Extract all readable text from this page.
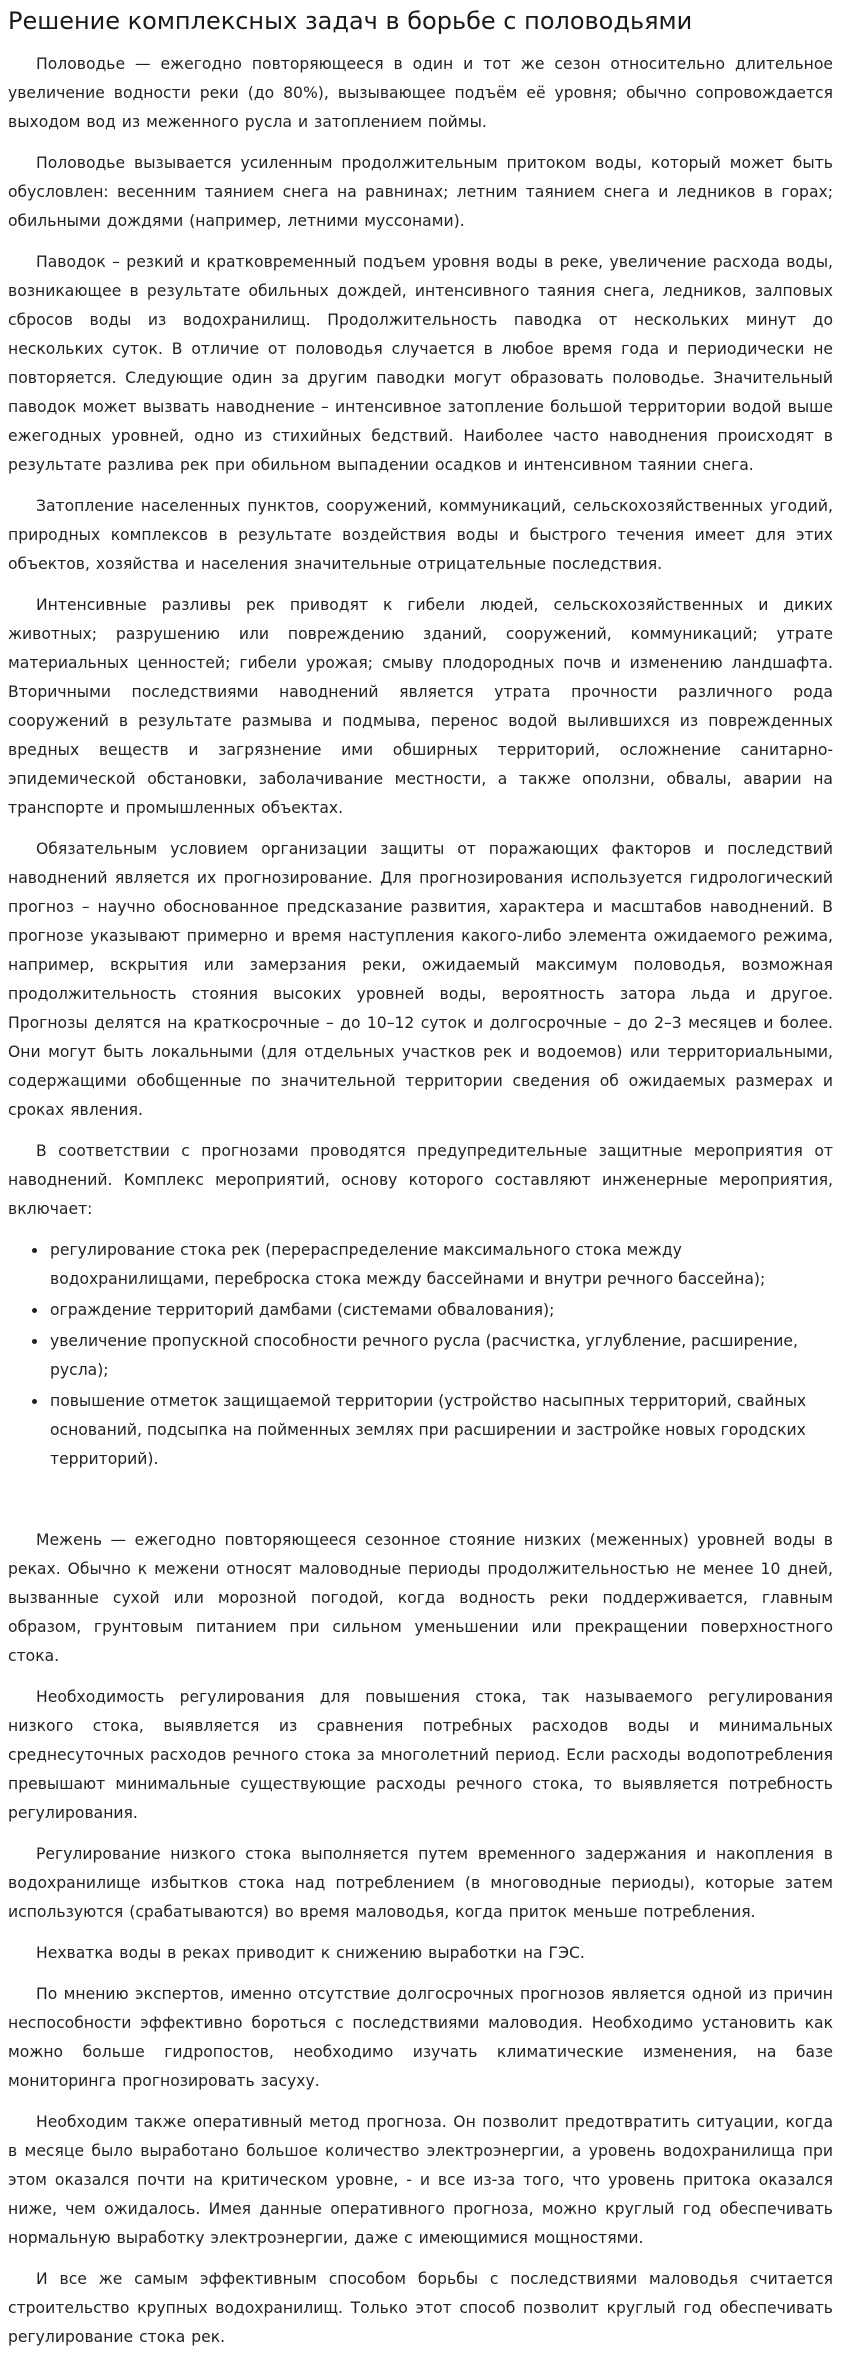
Решение комплексных задач в борьбе с половодьями

Половодье — ежегодно повторяющееся в один и тот же сезон относительно длительное увеличение водности реки (до 80%), вызывающее подъём её уровня; обычно сопровождается выходом вод из меженного русла и затоплением поймы.

Половодье вызывается усиленным продолжительным притоком воды, который может быть обусловлен: весенним таянием снега на равнинах; летним таянием снега и ледников в горах; обильными дождями (например, летними муссонами).

Паводок – резкий и кратковременный подъем уровня воды в реке, увеличение расхода воды, возникающее в результате обильных дождей, интенсивного таяния снега, ледников, залповых сбросов воды из водохранилищ. Продолжительность паводка от нескольких минут до нескольких суток. В отличие от половодья случается в любое время года и периодически не повторяется. Следующие один за другим паводки могут образовать половодье. Значительный паводок может вызвать наводнение – интенсивное затопление большой территории водой выше ежегодных уровней, одно из стихийных бедствий. Наиболее часто наводнения происходят в результате разлива рек при обильном выпадении осадков и интенсивном таянии снега.

Затопление населенных пунктов, сооружений, коммуникаций, сельскохозяйственных угодий, природных комплексов в результате воздействия воды и быстрого течения имеет для этих объектов, хозяйства и населения значительные отрицательные последствия.

Интенсивные разливы рек приводят к гибели людей, сельскохозяйственных и диких животных; разрушению или повреждению зданий, сооружений, коммуникаций; утрате материальных ценностей; гибели урожая; смыву плодородных почв и изменению ландшафта. Вторичными последствиями наводнений является утрата прочности различного рода сооружений в результате размыва и подмыва, перенос водой вылившихся из поврежденных вредных веществ и загрязнение ими обширных территорий, осложнение санитарно-эпидемической обстановки, заболачивание местности, а также оползни, обвалы, аварии на транспорте и промышленных объектах.

Обязательным условием организации защиты от поражающих факторов и последствий наводнений является их прогнозирование. Для прогнозирования используется гидрологический прогноз – научно обоснованное предсказание развития, характера и масштабов наводнений. В прогнозе указывают примерно и время наступления какого-либо элемента ожидаемого режима, например, вскрытия или замерзания реки, ожидаемый максимум половодья, возможная продолжительность стояния высоких уровней воды, вероятность затора льда и другое. Прогнозы делятся на краткосрочные – до 10–12 суток и долгосрочные – до 2–3 месяцев и более. Они могут быть локальными (для отдельных участков рек и водоемов) или территориальными, содержащими обобщенные по значительной территории сведения об ожидаемых размерах и сроках явления.

В соответствии с прогнозами проводятся предупредительные защитные мероприятия от наводнений. Комплекс мероприятий, основу которого составляют инженерные мероприятия, включает:

• регулирование стока рек (перераспределение максимального стока между водохранилищами, переброска стока между бассейнами и внутри речного бассейна);
• ограждение территорий дамбами (системами обвалования);
• увеличение пропускной способности речного русла (расчистка, углубление, расширение, русла);
• повышение отметок защищаемой территории (устройство насыпных территорий, свайных оснований, подсыпка на пойменных землях при расширении и застройке новых городских территорий).

Межень — ежегодно повторяющееся сезонное стояние низких (меженных) уровней воды в реках. Обычно к межени относят маловодные периоды продолжительностью не менее 10 дней, вызванные сухой или морозной погодой, когда водность реки поддерживается, главным образом, грунтовым питанием при сильном уменьшении или прекращении поверхностного стока.

Необходимость регулирования для повышения стока, так называемого регулирования низкого стока, выявляется из сравнения потребных расходов воды и минимальных среднесуточных расходов речного стока за многолетний период. Если расходы водопотребления превышают минимальные существующие расходы речного стока, то выявляется потребность регулирования.

Регулирование низкого стока выполняется путем временного задержания и накопления в водохранилище избытков стока над потреблением (в многоводные периоды), которые затем используются (срабатываются) во время маловодья, когда приток меньше потребления.

Нехватка воды в реках приводит к снижению выработки на ГЭС.

По мнению экспертов, именно отсутствие долгосрочных прогнозов является одной из причин неспособности эффективно бороться с последствиями маловодия. Необходимо установить как можно больше гидропостов, необходимо изучать климатические изменения, на базе мониторинга прогнозировать засуху.

Необходим также оперативный метод прогноза. Он позволит предотвратить ситуации, когда в месяце было выработано большое количество электроэнергии, а уровень водохранилища при этом оказался почти на критическом уровне, - и все из-за того, что уровень притока оказался ниже, чем ожидалось. Имея данные оперативного прогноза, можно круглый год обеспечивать нормальную выработку электроэнергии, даже с имеющимися мощностями.

И все же самым эффективным способом борьбы с последствиями маловодья считается строительство крупных водохранилищ. Только этот способ позволит круглый год обеспечивать регулирование стока рек.
